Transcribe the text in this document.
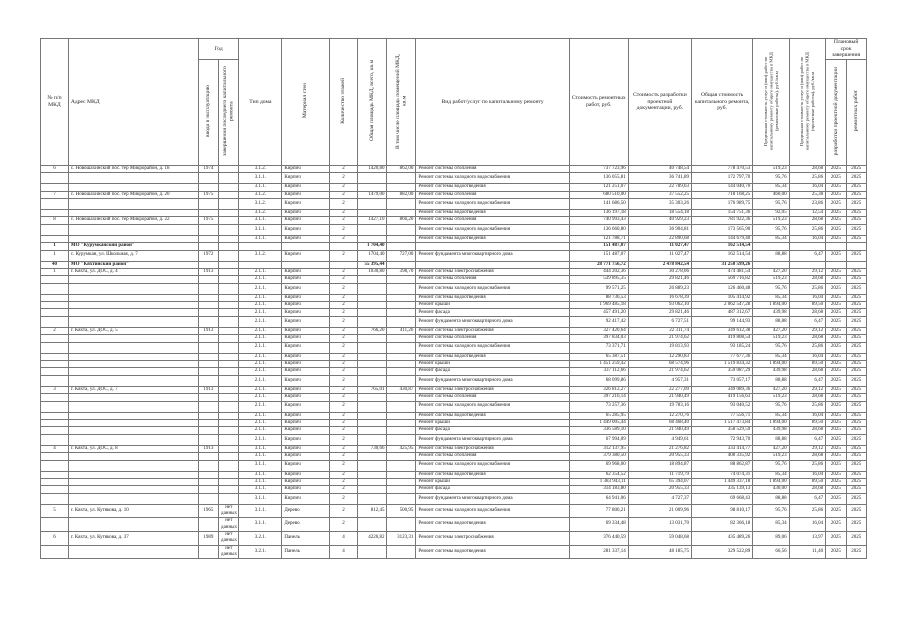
№ п/п МКД	Адрес МКД	Год		Тип дома	Материал стен	Количество этажей	Общая площадь МКД, всего, кв.м	В том числе площадь помещений МКД, кв.м	Вид работ/услуг по капитальному ремонту	Стоимость ремонтных работ, руб.	Стоимость разработки проектной документации, руб.	Общая стоимость капитального ремонта, руб.	Предельная стоимость услуг и (или) работ по капитальному ремонту общего имущества в МКД (ремонтные работы), руб./кв.м	Предельная стоимость услуг и (или) работ по капитальному ремонту общего имущества в МКД (проектные работы), руб./кв.м	Плановый срок завершения	
		ввода в эксплуатацию	завершения последнего капитального ремонта												разработки проектной документации	ремонтных работ
6	с. Новошахинский пос. тер Микрорайон, д. 18	1974		3.1.2.	Кирпич	2	1420,80	862,00	Ремонт системы отопления	737 723,96	40 748,54	778 470,53	519,23	28,68	2025	2025
				3.1.1.	Кирпич	2			Ремонт системы холодного водоснабжения	136 055,81	36 741,89	172 797,70	95,76	25,86	2025	2025
				3.1.1.	Кирпич	2			Ремонт системы водоотведения	121 251,07	22 789,63	144 040,70	85,34	16,04	2025	2025
7	с. Новошахинский пос. тер Микрорайон, д. 20	1975		3.1.2.	Кирпич	2	1479,00	882,00	Ремонт системы отопления	680 510,00	37 552,25	718 168,25	460,00	25,38	2025	2025
				3.1.2.	Кирпич	2			Ремонт системы холодного водоснабжения	141 686,50	35 303,26	176 989,75	95,76	23,86	2025	2025
				3.1.2.	Кирпич	2			Ремонт системы водоотведения	136 197,18	18 554,18	154 751,36	92,05	12,54	2025	2025
8	с. Новошахинский пос. тер Микрорайон, д. 22	1975		3.1.1.	Кирпич	2	1427,10	866,20	Ремонт системы отопления	740 993,43	40 929,23	781 922,36	519,23	28,68	2025	2025
				3.1.1.	Кирпич	2			Ремонт системы холодного водоснабжения	136 660,80	36 904,81	173 565,90	95,76	25,86	2025	2025
				3.1.1.	Кирпич	2			Ремонт системы водоотведения	121 788,71	22 890,68	144 679,40	85,34	16,04	2025	2025
1	МО "Курумканский район"						1 704,40			151 487,07	11 027,47	162 514,54				
1	с. Курумкан, ул. Школьная, д. 7	1972		3.1.2.	Кирпич	2	1704,40	727,00	Ремонт фундамента многоквартирного дома	151 487,07	11 027,47	162 514,54	88,88	6,47	2025	2025
40	МО "Кяхтинский район"						55 395,44			28 771 756,72	2 478 842,54	31 250 599,26				
1	г. Кяхта, ул. ДОС, д. 4	1913		2.1.1.	Кирпич	2	1030,80	398,70	Ремонт системы электроснабжения	444 202,36	30 278,06	474 481,54	427,20	29,12	2025	2025
				2.1.1.	Кирпич	2			Ремонт системы отопления	539 895,35	29 821,46	569 716,82	519,23	28,68	2025	2025
				2.1.1.	Кирпич	2			Ремонт системы холодного водоснабжения	99 571,25	26 889,23	126 460,48	95,76	25,86	2025	2025
				2.1.1.	Кирпич	2			Ремонт системы водоотведения	88 736,53	16 678,39	105 414,92	85,34	16,04	2025	2025
				2.1.1.	Кирпич	2			Ремонт крыши	1 969 485,18	93 062,10	2 062 547,28	1 894,00	89,50	2025	2025
				2.1.1.	Кирпич	2			Ремонт фасада	457 491,20	29 821,46	487 312,67	439,98	28,68	2025	2025
				2.1.1.	Кирпич	2			Ремонт фундамента многоквартирного дома	92 417,42	6 727,51	99 144,93	88,88	6,47	2025	2025
2	г. Кяхта, ул. ДОС, д. 5	1913		2.1.1.	Кирпич	2	766,20	411,26	Ремонт системы электроснабжения	327 420,64	22 311,74	349 612,38	427,20	29,12	2025	2025
				2.1.1.	Кирпич	2			Ремонт системы отопления	397 834,03	21 974,62	419 808,54	519,23	28,68	2025	2025
				2.1.1.	Кирпич	2			Ремонт системы холодного водоснабжения	73 371,71	19 813,93	93 185,24	95,76	25,86	2025	2025
				2.1.1.	Кирпич	2			Ремонт системы водоотведения	65 387,51	12 290,83	77 677,36	85,34	16,04	2025	2025
				2.1.1.	Кирпич	2			Ремонт крыши	1 451 259,42	68 574,96	1 519 834,32	1 894,00	89,50	2025	2025
				2.1.1.	Кирпич	2			Ремонт фасада	337 112,66	21 974,62	359 087,29	439,98	28,68	2025	2025
				2.1.1.	Кирпич	2			Ремонт фундамента многоквартирного дома	68 099,86	4 957,31	73 057,17	88,88	6,47	2025	2025
3	г. Кяхта, ул. ДОС, д. 7	1913		2.1.1.	Кирпич	2	765,01	430,87	Ремонт системы электроснабжения	326 812,27	22 277,09	349 089,36	427,20	29,12	2025	2025
				2.1.1.	Кирпич	2			Ремонт системы отопления	397 216,14	21 940,49	419 156,63	519,23	28,68	2025	2025
				2.1.1.	Кирпич	2			Ремонт системы холодного водоснабжения	73 257,36	19 783,16	93 040,52	95,76	25,86	2025	2025
				2.1.1.	Кирпич	2			Ремонт системы водоотведения	65 285,95	12 270,76	77 556,71	85,34	16,04	2025	2025
				2.1.1.	Кирпич	2			Ремонт крыши	1 449 005,44	68 468,40	1 517 473,84	1 894,00	89,50	2025	2025
				2.1.1.	Кирпич	2			Ремонт фасада	336 589,10	21 940,49	358 529,59	439,98	28,68	2025	2025
				2.1.1.	Кирпич	2			Ремонт фундамента многоквартирного дома	67 994,09	4 949,61	72 943,70	88,88	6,47	2025	2025
4	г. Кяхта, ул. ДОС, д. 8	1913		3.1.1.	Кирпич	2	730,66	425,95	Ремонт системы электроснабжения	312 137,95	21 276,82	333 414,77	427,20	29,12	2025	2025
				3.1.1.	Кирпич	2			Ремонт системы отопления	379 380,50	20 955,33	400 335,92	519,23	28,68	2025	2025
				3.1.1.	Кирпич	2			Ремонт системы холодного водоснабжения	69 968,00	18 894,87	88 862,87	95,76	25,86	2025	2025
				3.1.1.	Кирпич	2			Ремонт системы водоотведения	62 354,52	11 719,79	74 074,31	85,34	16,04	2025	2025
				3.1.1.	Кирпич	2			Ремонт крыши	1 383 943,11	65 394,07	1 449 337,18	1 894,00	89,50	2025	2025
				3.1.1.	Кирпич	2			Ремонт фасада	314 183,80	20 955,33	335 139,13	430,00	28,68	2025	2025
				3.1.1.	Кирпич	2			Ремонт фундамента многоквартирного дома	64 941,06	4 727,37	69 668,43	88,88	6,47	2025	2025
5	г. Кяхта, ул. Кутякова, д. 10	1965	нет данных	3.1.1.	Дерево	2	812,45	500,95	Ремонт системы холодного водоснабжения	77 800,21	21 009,96	98 810,17	95,76	25,86	2025	2025
			нет данных	3.1.1.	Дерево	2			Ремонт системы водоотведения	69 334,48	13 031,70	82 366,18	85,34	16,04	2025	2025
6	г. Кяхта, ул. Кутякова, д. 37	1989	нет данных	3.2.1.	Панель	4	4226,82	3123,31	Ремонт системы электроснабжения	376 440,59	59 048,68	435 489,26	89,06	13,97	2025	2025
			нет данных	3.2.1.	Панель	4			Ремонт системы водоотведения	281 337,14	48 185,75	329 522,89	66,56	11,40	2025	2025
